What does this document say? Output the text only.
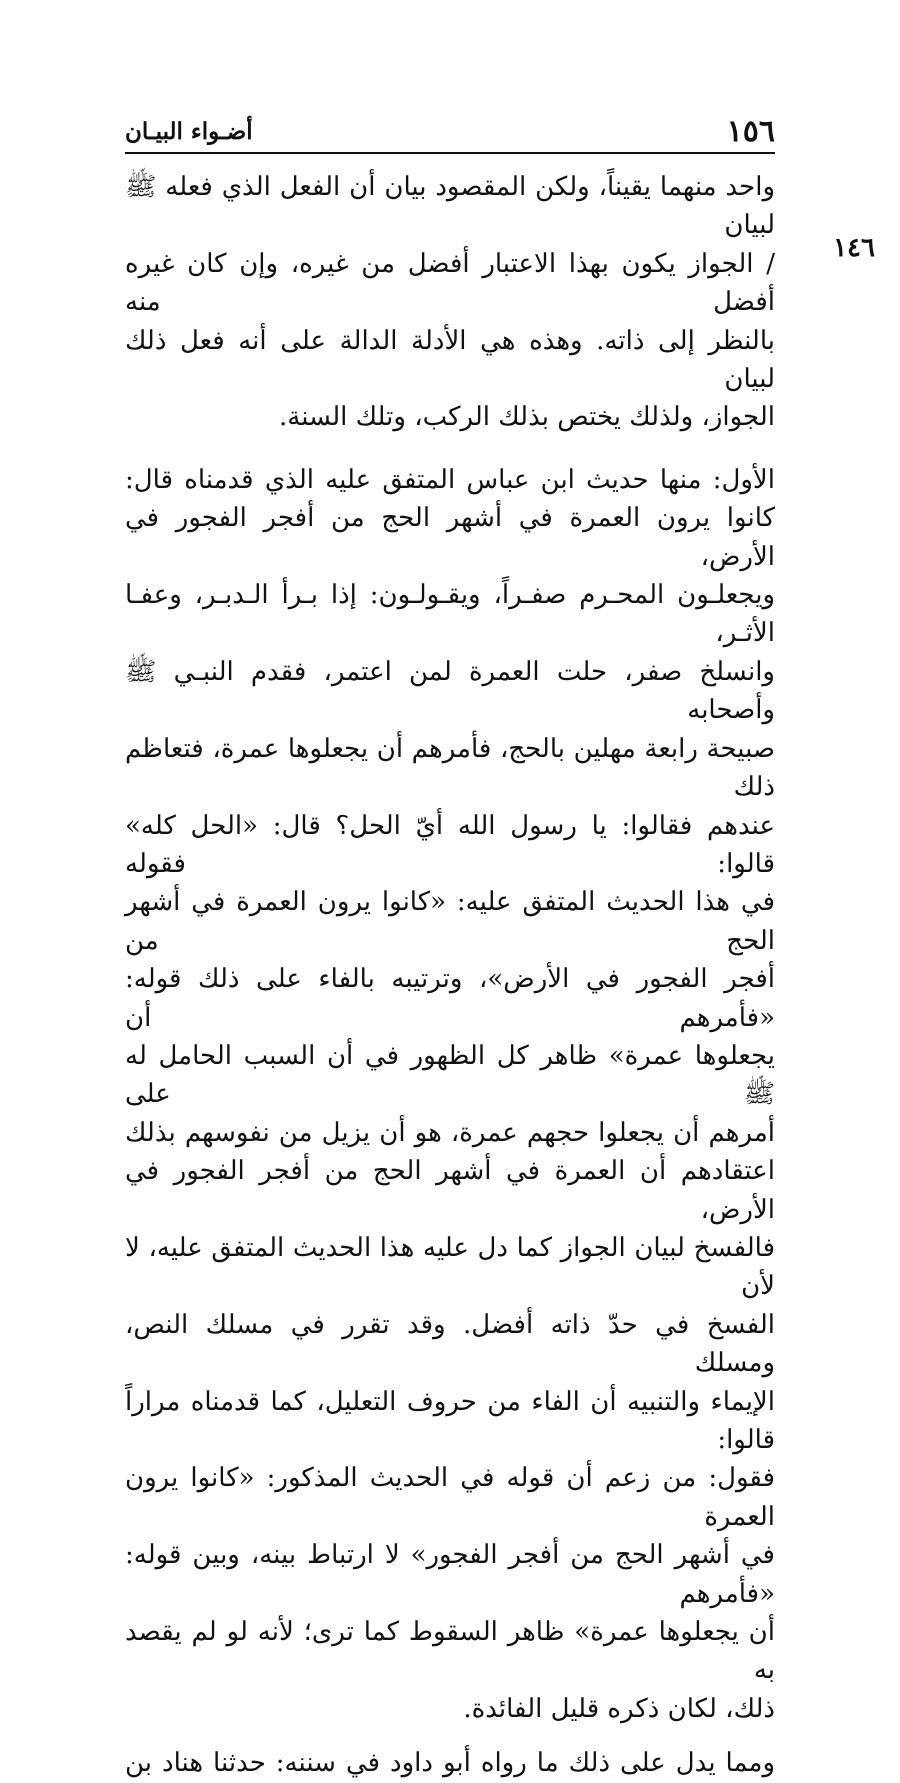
١٥٦
أضـواء البيـان
١٤٦

واحد منهما يقيناً، ولكن المقصود بيان أن الفعل الذي فعله ﷺ لبيان

/ الجواز يكون بهذا الاعتبار أفضل من غيره، وإن كان غيره أفضل منه

بالنظر إلى ذاته. وهذه هي الأدلة الدالة على أنه فعل ذلك لبيان

الجواز، ولذلك يختص بذلك الركب، وتلك السنة.

الأول: منها حديث ابن عباس المتفق عليه الذي قدمناه قال:

كانوا يرون العمرة في أشهر الحج من أفجر الفجور في الأرض،

ويجعلـون المحـرم صفـراً، ويقـولـون: إذا بـرأ الـدبـر، وعفـا الأثـر،

وانسلخ صفر، حلت العمرة لمن اعتمر، فقدم النبـي ﷺ وأصحابه

صبيحة رابعة مهلين بالحج، فأمرهم أن يجعلوها عمرة، فتعاظم ذلك

عندهم فقالوا: يا رسول الله أيّ الحل؟ قال: «الحل كله» قالوا: فقوله

في هذا الحديث المتفق عليه: «كانوا يرون العمرة في أشهر الحج من

أفجر الفجور في الأرض»، وترتيبه بالفاء على ذلك قوله: «فأمرهم أن

يجعلوها عمرة» ظاهر كل الظهور في أن السبب الحامل له ﷺ على

أمرهم أن يجعلوا حجهم عمرة، هو أن يزيل من نفوسهم بذلك

اعتقادهم أن العمرة في أشهر الحج من أفجر الفجور في الأرض،

فالفسخ لبيان الجواز كما دل عليه هذا الحديث المتفق عليه، لا لأن

الفسخ في حدّ ذاته أفضل. وقد تقرر في مسلك النص، ومسلك

الإيماء والتنبيه أن الفاء من حروف التعليل، كما قدمناه مراراً قالوا:

فقول: من زعم أن قوله في الحديث المذكور: «كانوا يرون العمرة

في أشهر الحج من أفجر الفجور» لا ارتباط بينه، وبين قوله: «فأمرهم

أن يجعلوها عمرة» ظاهر السقوط كما ترى؛ لأنه لو لم يقصد به

ذلك، لكان ذكره قليل الفائدة.

ومما يدل على ذلك ما رواه أبو داود في سننه: حدثنا هناد بن
